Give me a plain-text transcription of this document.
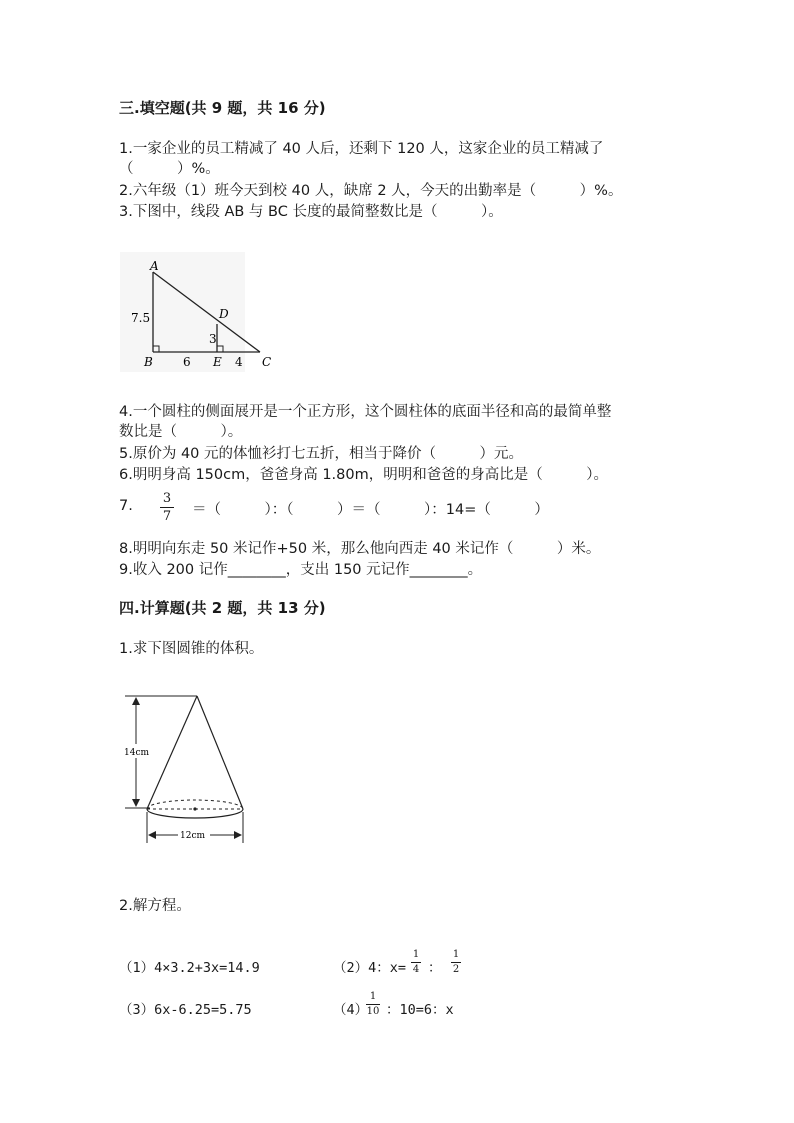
三.填空题(共 9 题，共 16 分)
1.一家企业的员工精减了 40 人后，还剩下 120 人，这家企业的员工精减了
（　　　）%。
2.六年级（1）班今天到校 40 人，缺席 2 人，今天的出勤率是（　　　）%。
3.下图中，线段 AB 与 BC 长度的最简整数比是（　　　）。
A
B	C
D
E
7.5
3
6	4
4.一个圆柱的侧面展开是一个正方形，这个圆柱体的底面半径和高的最简单整
数比是（　　　）。
5.原价为 40 元的体恤衫打七五折，相当于降价（　　　）元。
6.明明身高 150cm，爸爸身高 1.80m，明明和爸爸的身高比是（　　　）。
7. 3
7 ＝（　　　）：（　　　）＝（　　　）：14=（　　　）
8.明明向东走 50 米记作+50 米，那么他向西走 40 米记作（　　　）米。
9.收入 200 记作________，支出 150 元记作________。
四.计算题(共 2 题，共 13 分)
1.求下图圆锥的体积。
14cm
12cm
2.解方程。
（1）4×3.2+3x=14.9	（2）4：x=
1
4 ：
1
2
（3）6x-6.25=5.75	（4）
1
10 ：10=6：x
